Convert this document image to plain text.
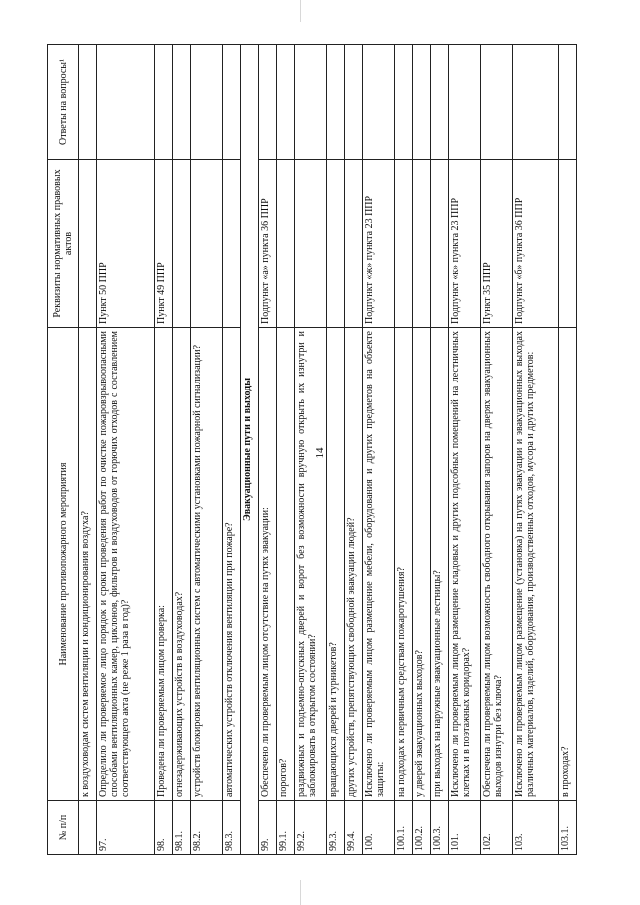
14
№ п/п	Наименование противопожарного мероприятия	Реквизиты нормативных правовых актов	Ответы на вопросы¹
	к воздуховодам систем вентиляции и кондиционирования воздуха?		
97.	Определило ли проверяемое лицо порядок и сроки проведения работ по очистке пожаровзрывоопасными способами вентиляционных камер, циклонов, фильтров и воздуховодов от горючих отходов с составлением соответствующего акта (не реже 1 раза в год)?	Пункт 50 ППР	
98.	Проведена ли проверяемым лицом проверка:	Пункт 49 ППР	
98.1.	огнезадерживающих устройств в воздуховодах?		
98.2.	устройств блокировки вентиляционных систем с автоматическими установками пожарной сигнализации?		
98.3.	автоматических устройств отключения вентиляции при пожаре?		
Эвакуационные пути и выходы			
99.	Обеспечено ли проверяемым лицом отсутствие на путях эвакуации:	Подпункт «а» пункта 36 ППР	
99.1.	порогов?		
99.2.	раздвижных и подъемно-опускных дверей и ворот без возможности вручную открыть их изнутри и заблокировать в открытом состоянии?		
99.3.	вращающихся дверей и турникетов?		
99.4.	других устройств, препятствующих свободной эвакуации людей?		
100.	Исключено ли проверяемым лицом размещение мебели, оборудования и других предметов на объекте защиты:	Подпункт «ж» пункта 23 ППР	
100.1.	на подходах к первичным средствам пожаротушения?		
100.2.	у дверей эвакуационных выходов?		
100.3.	при выходах на наружные эвакуационные лестницы?		
101.	Исключено ли проверяемым лицом размещение кладовых и других подсобных помещений на лестничных клетках и в поэтажных коридорах?	Подпункт «к» пункта 23 ППР	
102.	Обеспечена ли проверяемым лицом возможность свободного открывания запоров на дверях эвакуационных выходов изнутри без ключа?	Пункт 35 ППР	
103.	Исключено ли проверяемым лицом размещение (установка) на путях эвакуации и эвакуационных выходах различных материалов, изделий, оборудования, производственных отходов, мусора и других предметов:	Подпункт «б» пункта 36 ППР	
103.1.	в проходах?		
